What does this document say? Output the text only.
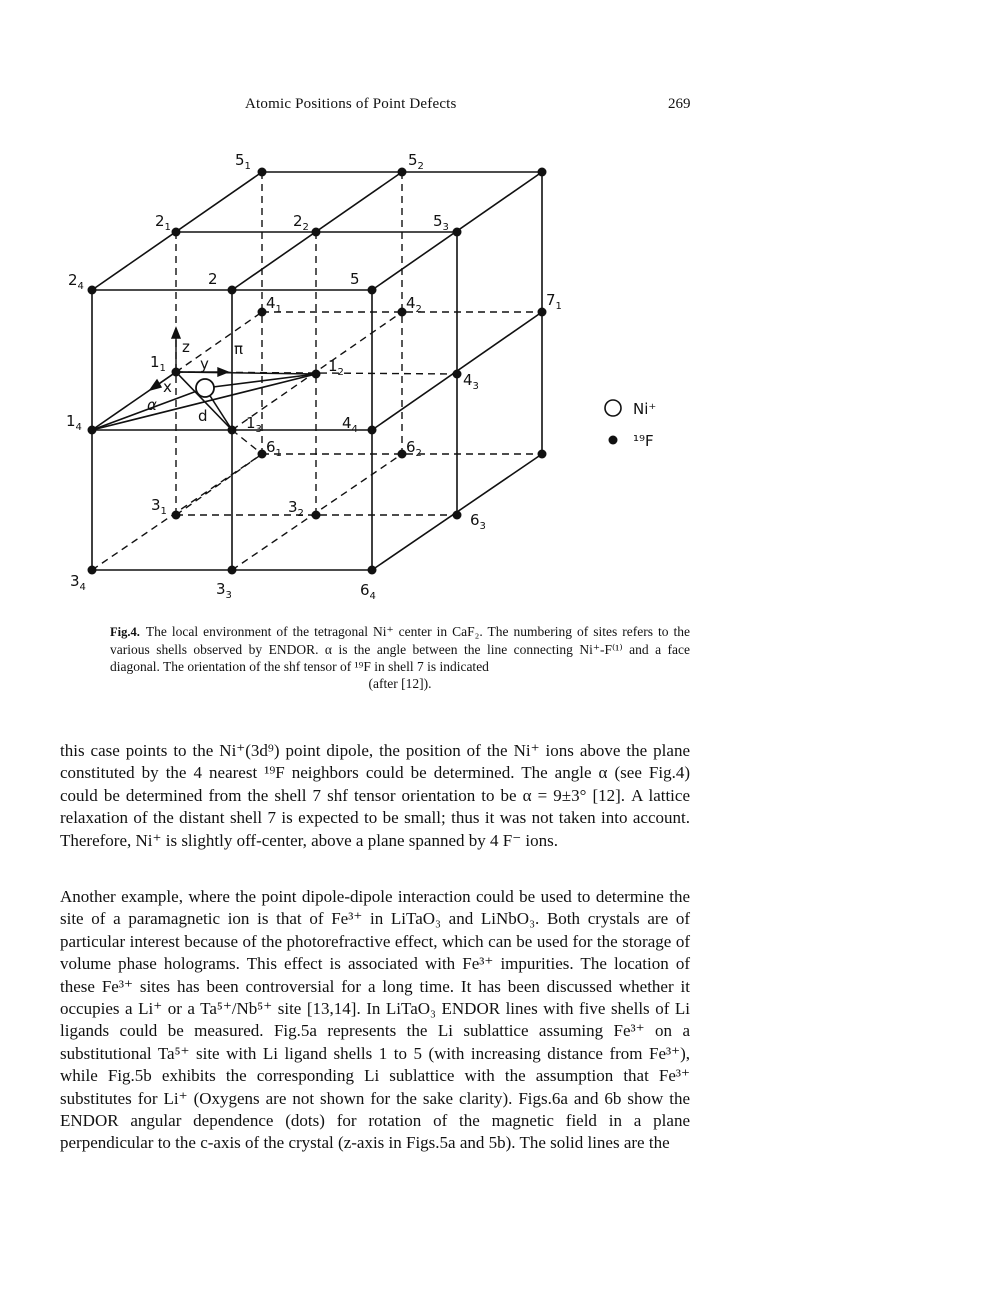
Atomic Positions of Point Defects	269
$5_1$	$5_2$
$5_3$
$2_1$	$2_2$
$2_4$	2	5
$4_1$	$4_2$
$4_3$
$4_4$
$7_1$
$1_1$	$1_2$
$1_3$
$1_4$
$6_1$	$6_2$
$6_3$
$6_4$
$3_1$	$3_2$
$3_3$
$3_4$
z
y
x
α
π
d	Ni⁺
¹⁹F
Fig.4. The local environment of the tetragonal Ni⁺ center in CaF₂. The numbering of sites refers to the various shells observed by ENDOR. α is the angle between the line connecting Ni⁺-F⁽¹⁾ and a face diagonal. The orientation of the shf tensor of ¹⁹F in shell 7 is indicated
(after [12]).

this case points to the Ni⁺(3d⁹) point dipole, the position of the Ni⁺ ions above the plane constituted by the 4 nearest ¹⁹F neighbors could be determined. The angle α (see Fig.4) could be determined from the shell 7 shf tensor orientation to be α = 9±3° [12]. A lattice relaxation of the distant shell 7 is expected to be small; thus it was not taken into account. Therefore, Ni⁺ is slightly off-center, above a plane spanned by 4 F⁻ ions.

Another example, where the point dipole-dipole interaction could be used to determine the site of a paramagnetic ion is that of Fe³⁺ in LiTaO₃ and LiNbO₃. Both crystals are of particular interest because of the photorefractive effect, which can be used for the storage of volume phase holograms. This effect is associated with Fe³⁺ impurities. The location of these Fe³⁺ sites has been controversial for a long time. It has been discussed whether it occupies a Li⁺ or a Ta⁵⁺/Nb⁵⁺ site [13,14]. In LiTaO₃ ENDOR lines with five shells of Li ligands could be measured. Fig.5a represents the Li sublattice assuming Fe³⁺ on a substitutional Ta⁵⁺ site with Li ligand shells 1 to 5 (with increasing distance from Fe³⁺), while Fig.5b exhibits the corresponding Li sublattice with the assumption that Fe³⁺ substitutes for Li⁺ (Oxygens are not shown for the sake clarity). Figs.6a and 6b show the ENDOR angular dependence (dots) for rotation of the magnetic field in a plane perpendicular to the c-axis of the crystal (z-axis in Figs.5a and 5b). The solid lines are the
